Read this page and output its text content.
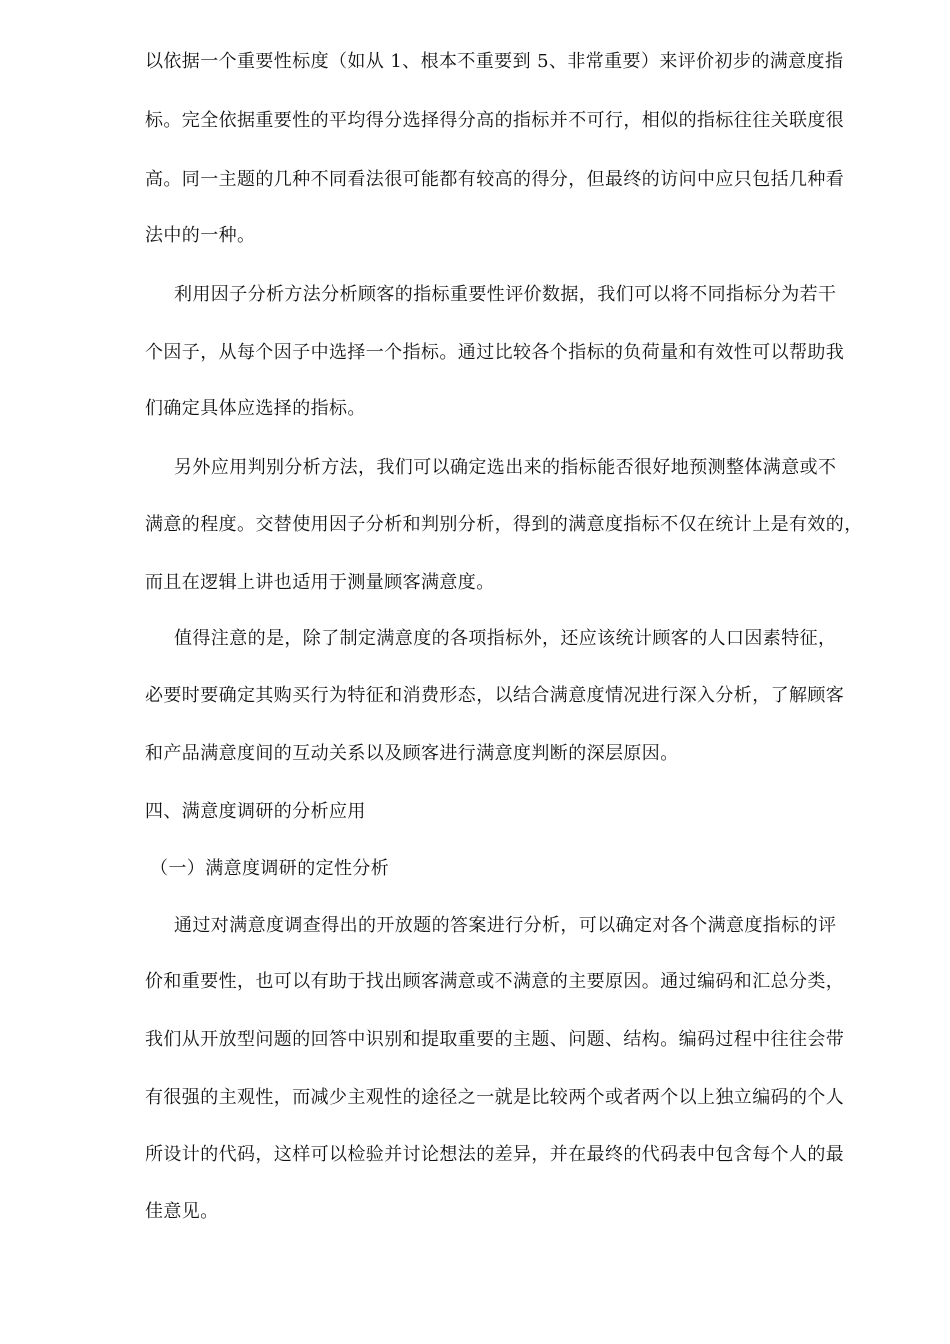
以依据一个重要性标度（如从 1、根本不重要到 5、非常重要）来评价初步的满意度指
标。完全依据重要性的平均得分选择得分高的指标并不可行，相似的指标往往关联度很
高。同一主题的几种不同看法很可能都有较高的得分，但最终的访问中应只包括几种看
法中的一种。
利用因子分析方法分析顾客的指标重要性评价数据，我们可以将不同指标分为若干
个因子，从每个因子中选择一个指标。通过比较各个指标的负荷量和有效性可以帮助我
们确定具体应选择的指标。
另外应用判别分析方法，我们可以确定选出来的指标能否很好地预测整体满意或不
满意的程度。交替使用因子分析和判别分析，得到的满意度指标不仅在统计上是有效的，
而且在逻辑上讲也适用于测量顾客满意度。
值得注意的是，除了制定满意度的各项指标外，还应该统计顾客的人口因素特征，
必要时要确定其购买行为特征和消费形态，以结合满意度情况进行深入分析，了解顾客
和产品满意度间的互动关系以及顾客进行满意度判断的深层原因。
四、满意度调研的分析应用
（一）满意度调研的定性分析
通过对满意度调查得出的开放题的答案进行分析，可以确定对各个满意度指标的评
价和重要性，也可以有助于找出顾客满意或不满意的主要原因。通过编码和汇总分类，
我们从开放型问题的回答中识别和提取重要的主题、问题、结构。编码过程中往往会带
有很强的主观性，而减少主观性的途径之一就是比较两个或者两个以上独立编码的个人
所设计的代码，这样可以检验并讨论想法的差异，并在最终的代码表中包含每个人的最
佳意见。
